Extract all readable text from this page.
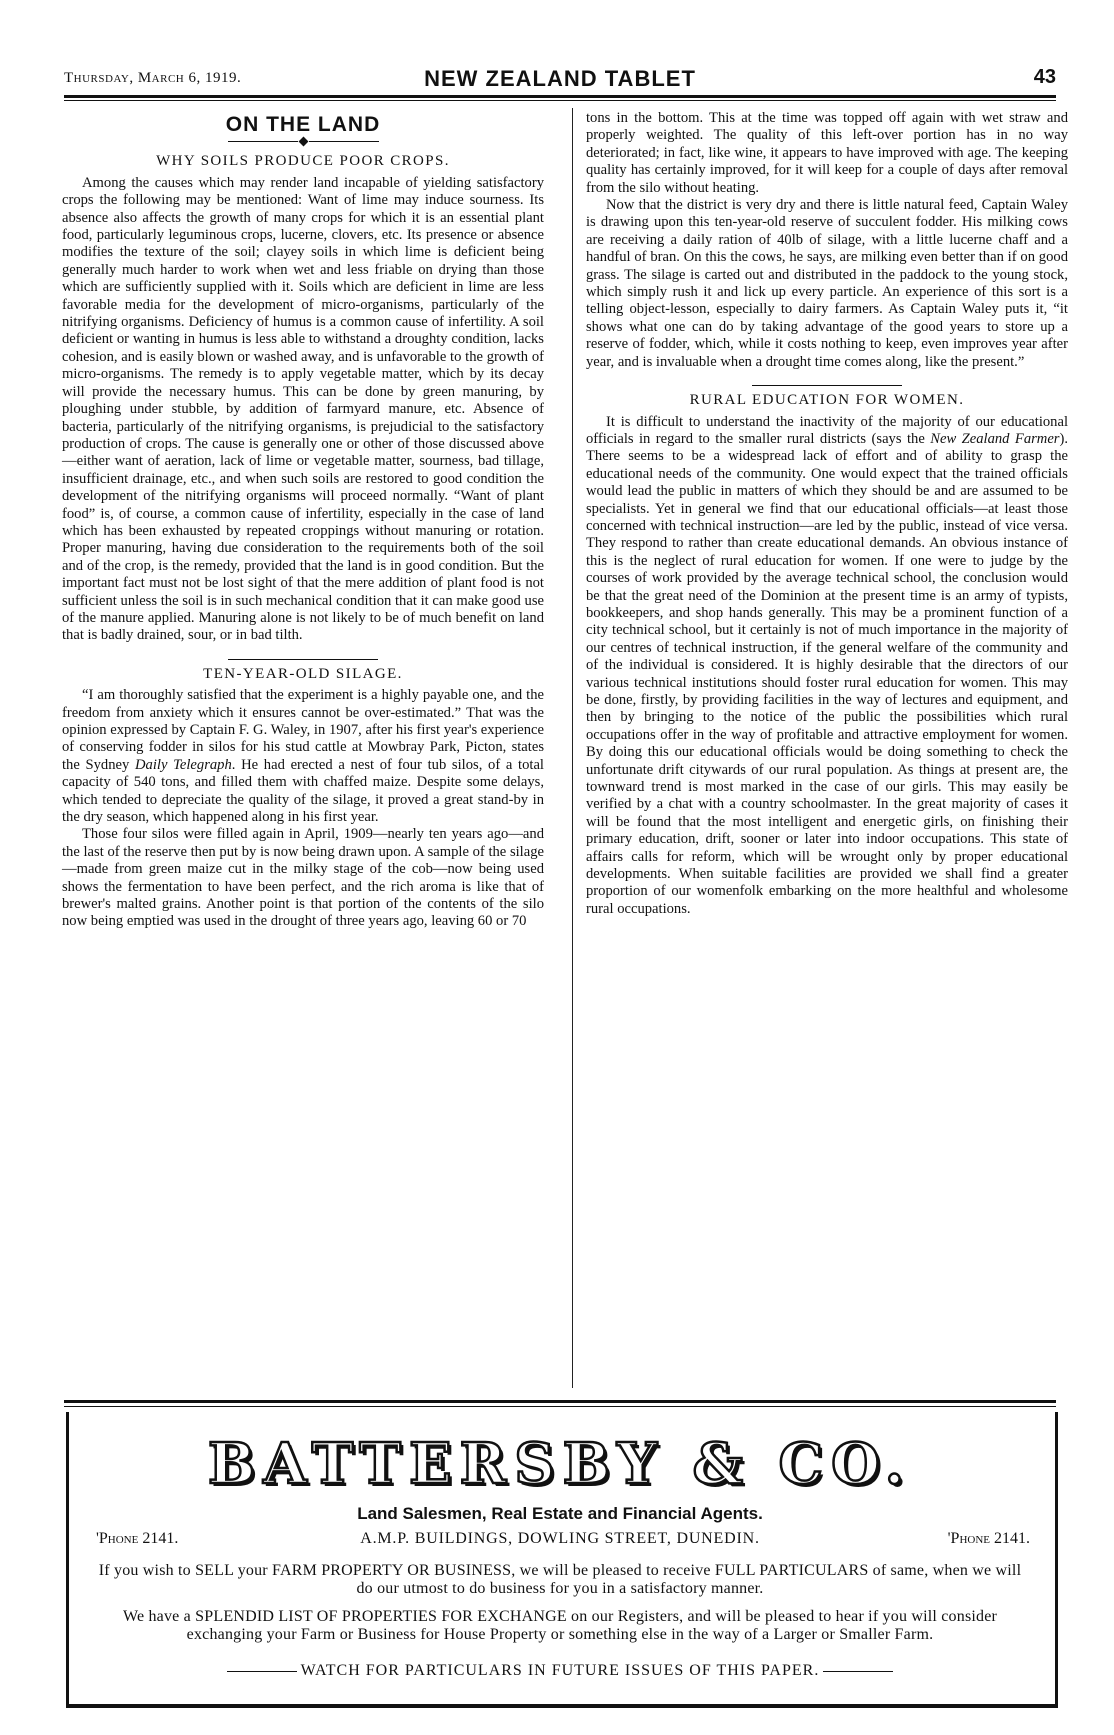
Thursday, March 6, 1919.	NEW ZEALAND TABLET	43
ON THE LAND
WHY SOILS PRODUCE POOR CROPS.

Among the causes which may render land incapable of yielding satisfactory crops the following may be mentioned: Want of lime may induce sourness. Its absence also affects the growth of many crops for which it is an essential plant food, particularly leguminous crops, lucerne, clovers, etc. Its presence or absence modifies the texture of the soil; clayey soils in which lime is deficient being generally much harder to work when wet and less friable on drying than those which are sufficiently supplied with it. Soils which are deficient in lime are less favorable media for the development of micro-organisms, particularly of the nitrifying organisms. Deficiency of humus is a common cause of infertility. A soil deficient or wanting in humus is less able to withstand a droughty condition, lacks cohesion, and is easily blown or washed away, and is unfavorable to the growth of micro-organisms. The remedy is to apply vegetable matter, which by its decay will provide the necessary humus. This can be done by green manuring, by ploughing under stubble, by addition of farmyard manure, etc. Absence of bacteria, particularly of the nitrifying organisms, is prejudicial to the satisfactory production of crops. The cause is generally one or other of those discussed above—either want of aeration, lack of lime or vegetable matter, sourness, bad tillage, insufficient drainage, etc., and when such soils are restored to good condition the development of the nitrifying organisms will proceed normally. “Want of plant food” is, of course, a common cause of infertility, especially in the case of land which has been exhausted by repeated croppings without manuring or rotation. Proper manuring, having due consideration to the requirements both of the soil and of the crop, is the remedy, provided that the land is in good condition. But the important fact must not be lost sight of that the mere addition of plant food is not sufficient unless the soil is in such mechanical condition that it can make good use of the manure applied. Manuring alone is not likely to be of much benefit on land that is badly drained, sour, or in bad tilth.

TEN-YEAR-OLD SILAGE.

“I am thoroughly satisfied that the experiment is a highly payable one, and the freedom from anxiety which it ensures cannot be over-estimated.” That was the opinion expressed by Captain F. G. Waley, in 1907, after his first year's experience of conserving fodder in silos for his stud cattle at Mowbray Park, Picton, states the Sydney Daily Telegraph. He had erected a nest of four tub silos, of a total capacity of 540 tons, and filled them with chaffed maize. Despite some delays, which tended to depreciate the quality of the silage, it proved a great stand-by in the dry season, which happened along in his first year.

Those four silos were filled again in April, 1909—nearly ten years ago—and the last of the reserve then put by is now being drawn upon. A sample of the silage—made from green maize cut in the milky stage of the cob—now being used shows the fermentation to have been perfect, and the rich aroma is like that of brewer's malted grains. Another point is that portion of the contents of the silo now being emptied was used in the drought of three years ago, leaving 60 or 70

tons in the bottom. This at the time was topped off again with wet straw and properly weighted. The quality of this left-over portion has in no way deteriorated; in fact, like wine, it appears to have improved with age. The keeping quality has certainly improved, for it will keep for a couple of days after removal from the silo without heating.

Now that the district is very dry and there is little natural feed, Captain Waley is drawing upon this ten-year-old reserve of succulent fodder. His milking cows are receiving a daily ration of 40lb of silage, with a little lucerne chaff and a handful of bran. On this the cows, he says, are milking even better than if on good grass. The silage is carted out and distributed in the paddock to the young stock, which simply rush it and lick up every particle. An experience of this sort is a telling object-lesson, especially to dairy farmers. As Captain Waley puts it, “it shows what one can do by taking advantage of the good years to store up a reserve of fodder, which, while it costs nothing to keep, even improves year after year, and is invaluable when a drought time comes along, like the present.”

RURAL EDUCATION FOR WOMEN.

It is difficult to understand the inactivity of the majority of our educational officials in regard to the smaller rural districts (says the New Zealand Farmer). There seems to be a widespread lack of effort and of ability to grasp the educational needs of the community. One would expect that the trained officials would lead the public in matters of which they should be and are assumed to be specialists. Yet in general we find that our educational officials—at least those concerned with technical instruction—are led by the public, instead of vice versa. They respond to rather than create educational demands. An obvious instance of this is the neglect of rural education for women. If one were to judge by the courses of work provided by the average technical school, the conclusion would be that the great need of the Dominion at the present time is an army of typists, bookkeepers, and shop hands generally. This may be a prominent function of a city technical school, but it certainly is not of much importance in the majority of our centres of technical instruction, if the general welfare of the community and of the individual is considered. It is highly desirable that the directors of our various technical institutions should foster rural education for women. This may be done, firstly, by providing facilities in the way of lectures and equipment, and then by bringing to the notice of the public the possibilities which rural occupations offer in the way of profitable and attractive employment for women. By doing this our educational officials would be doing something to check the unfortunate drift citywards of our rural population. As things at present are, the townward trend is most marked in the case of our girls. This may easily be verified by a chat with a country schoolmaster. In the great majority of cases it will be found that the most intelligent and energetic girls, on finishing their primary education, drift, sooner or later into indoor occupations. This state of affairs calls for reform, which will be wrought only by proper educational developments. When suitable facilities are provided we shall find a greater proportion of our womenfolk embarking on the more healthful and wholesome rural occupations.

BATTERSBY & CO.
Land Salesmen, Real Estate and Financial Agents.
'Phone 2141.	A.M.P. BUILDINGS, DOWLING STREET, DUNEDIN.	'Phone 2141.
If you wish to SELL your FARM PROPERTY OR BUSINESS, we will be pleased to receive FULL PARTICULARS of same, when we will do our utmost to do business for you in a satisfactory manner.
We have a SPLENDID LIST OF PROPERTIES FOR EXCHANGE on our Registers, and will be pleased to hear if you will consider exchanging your Farm or Business for House Property or something else in the way of a Larger or Smaller Farm.
WATCH FOR PARTICULARS IN FUTURE ISSUES OF THIS PAPER.
